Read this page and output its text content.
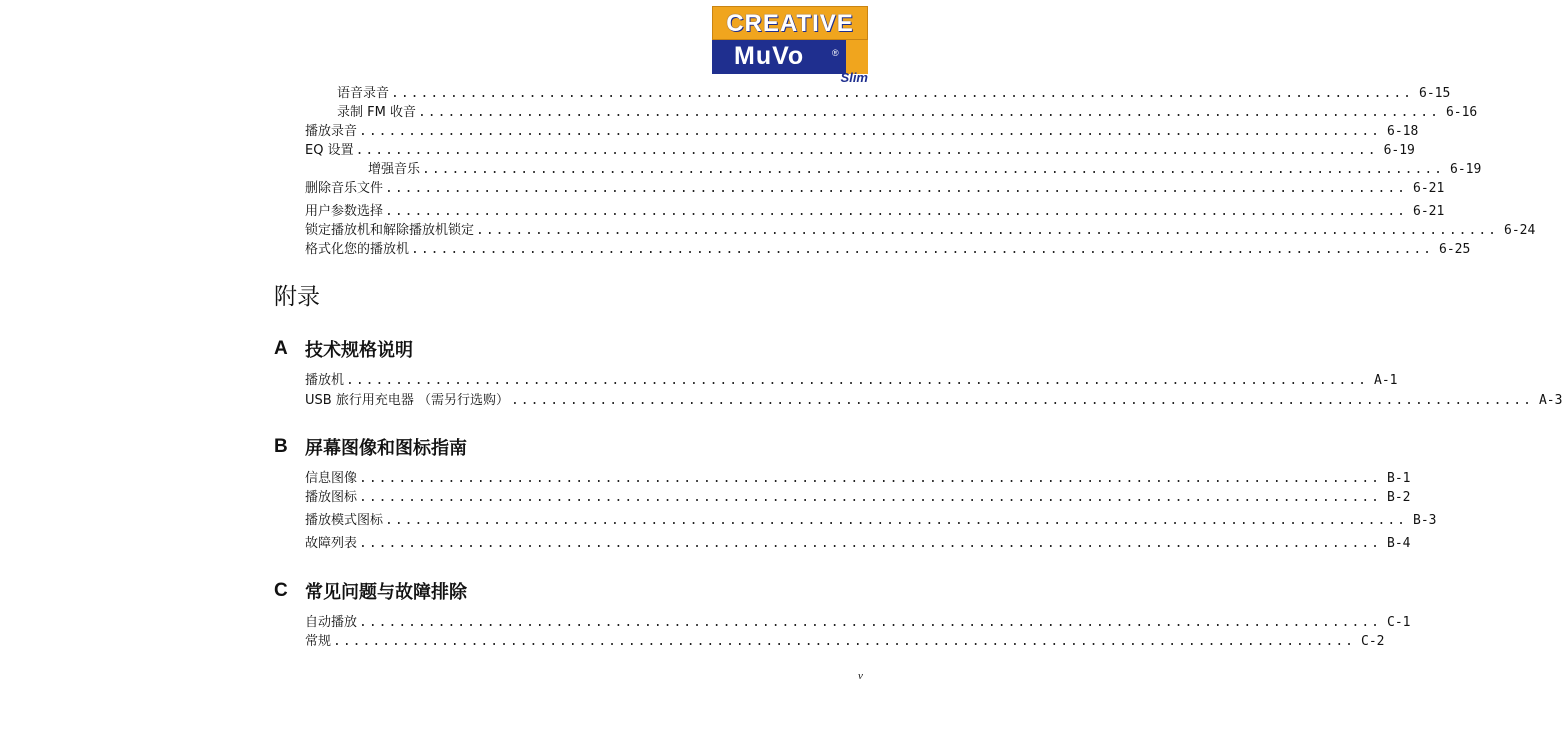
CREATIVE
MuVo	®
Slim
语音录音 ........................................................................................................ 6-15
录制 FM 收音 ........................................................................................................ 6-16
播放录音 ........................................................................................................ 6-18
EQ 设置 ........................................................................................................ 6-19
增强音乐 ........................................................................................................ 6-19
删除音乐文件 ........................................................................................................ 6-21
用户参数选择 ........................................................................................................ 6-21
锁定播放机和解除播放机锁定 ........................................................................................................ 6-24
格式化您的播放机 ........................................................................................................ 6-25
附录
A 技术规格说明
播放机 ........................................................................................................ A-1
USB 旅行用充电器 （需另行选购） ........................................................................................................ A-3
B 屏幕图像和图标指南
信息图像 ........................................................................................................ B-1
播放图标 ........................................................................................................ B-2
播放模式图标 ........................................................................................................ B-3
故障列表 ........................................................................................................ B-4
C 常见问题与故障排除
自动播放 ........................................................................................................ C-1
常规 ........................................................................................................ C-2
v
